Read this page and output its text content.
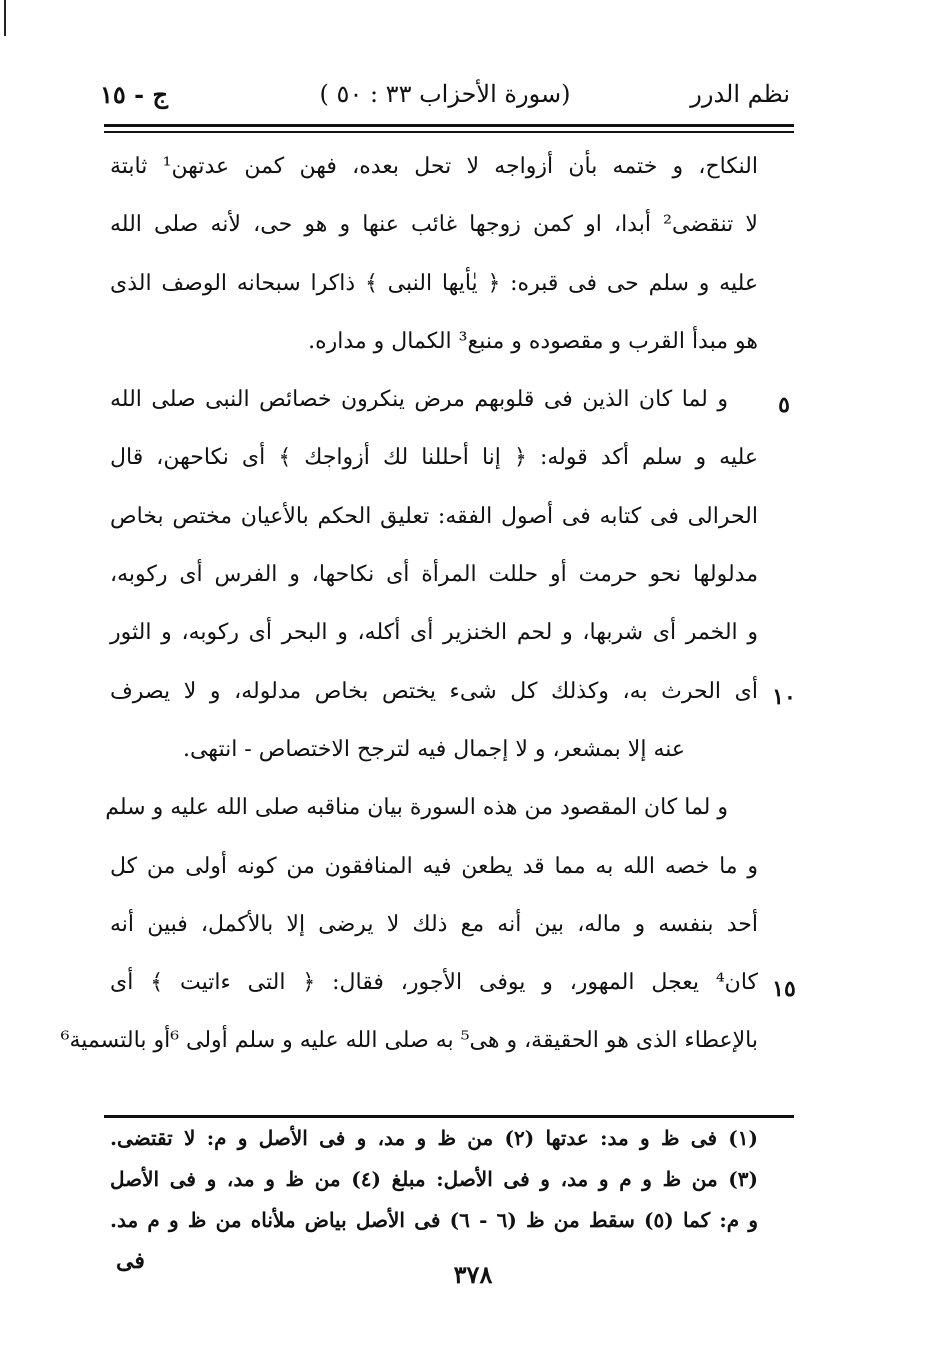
نظم الدرر
(سورة الأحزاب ٣٣ : ٥٠ )
ج - ١٥
النكاح، و ختمه بأن أزواجه لا تحل بعده، فهن كمن عدتهن¹ ثابتة
لا تنقضى² أبدا، او كمن زوجها غائب عنها و هو حى، لأنه صلى الله
عليه و سلم حى فى قبره: ﴿ يٰأيها النبى ﴾ ذاكرا سبحانه الوصف الذى
هو مبدأ القرب و مقصوده و منبع³ الكمال و مداره.
و لما كان الذين فى قلوبهم مرض ينكرون خصائص النبى صلى الله
عليه و سلم أكد قوله: ﴿ إنا أحللنا لك أزواجك ﴾ أى نكاحهن، قال
الحرالى فى كتابه فى أصول الفقه: تعليق الحكم بالأعيان مختص بخاص
مدلولها نحو حرمت أو حللت المرأة أى نكاحها، و الفرس أى ركوبه،
و الخمر أى شربها، و لحم الخنزير أى أكله، و البحر أى ركوبه، و الثور
أى الحرث به، وكذلك كل شىء يختص بخاص مدلوله، و لا يصرف
عنه إلا بمشعر، و لا إجمال فيه لترجح الاختصاص - انتهى.
و لما كان المقصود من هذه السورة بيان مناقبه صلى الله عليه و سلم
و ما خصه الله به مما قد يطعن فيه المنافقون من كونه أولى من كل
أحد بنفسه و ماله، بين أنه مع ذلك لا يرضى إلا بالأكمل، فبين أنه
كان⁴ يعجل المهور، و يوفى الأجور، فقال: ﴿ التى ءاتيت ﴾ أى
بالإعطاء الذى هو الحقيقة، و هى⁵ به صلى الله عليه و سلم أولى ⁶أو بالتسمية⁶
٥
١٠
١٥
(١) فى ظ و مد: عدتها (٢) من ظ و مد، و فى الأصل و م: لا تقتضى.
(٣) من ظ و م و مد، و فى الأصل: مبلغ (٤) من ظ و مد، و فى الأصل
و م: كما (٥) سقط من ظ (٦ - ٦) فى الأصل بياض ملأناه من ظ و م مد.
فى	٣٧٨
